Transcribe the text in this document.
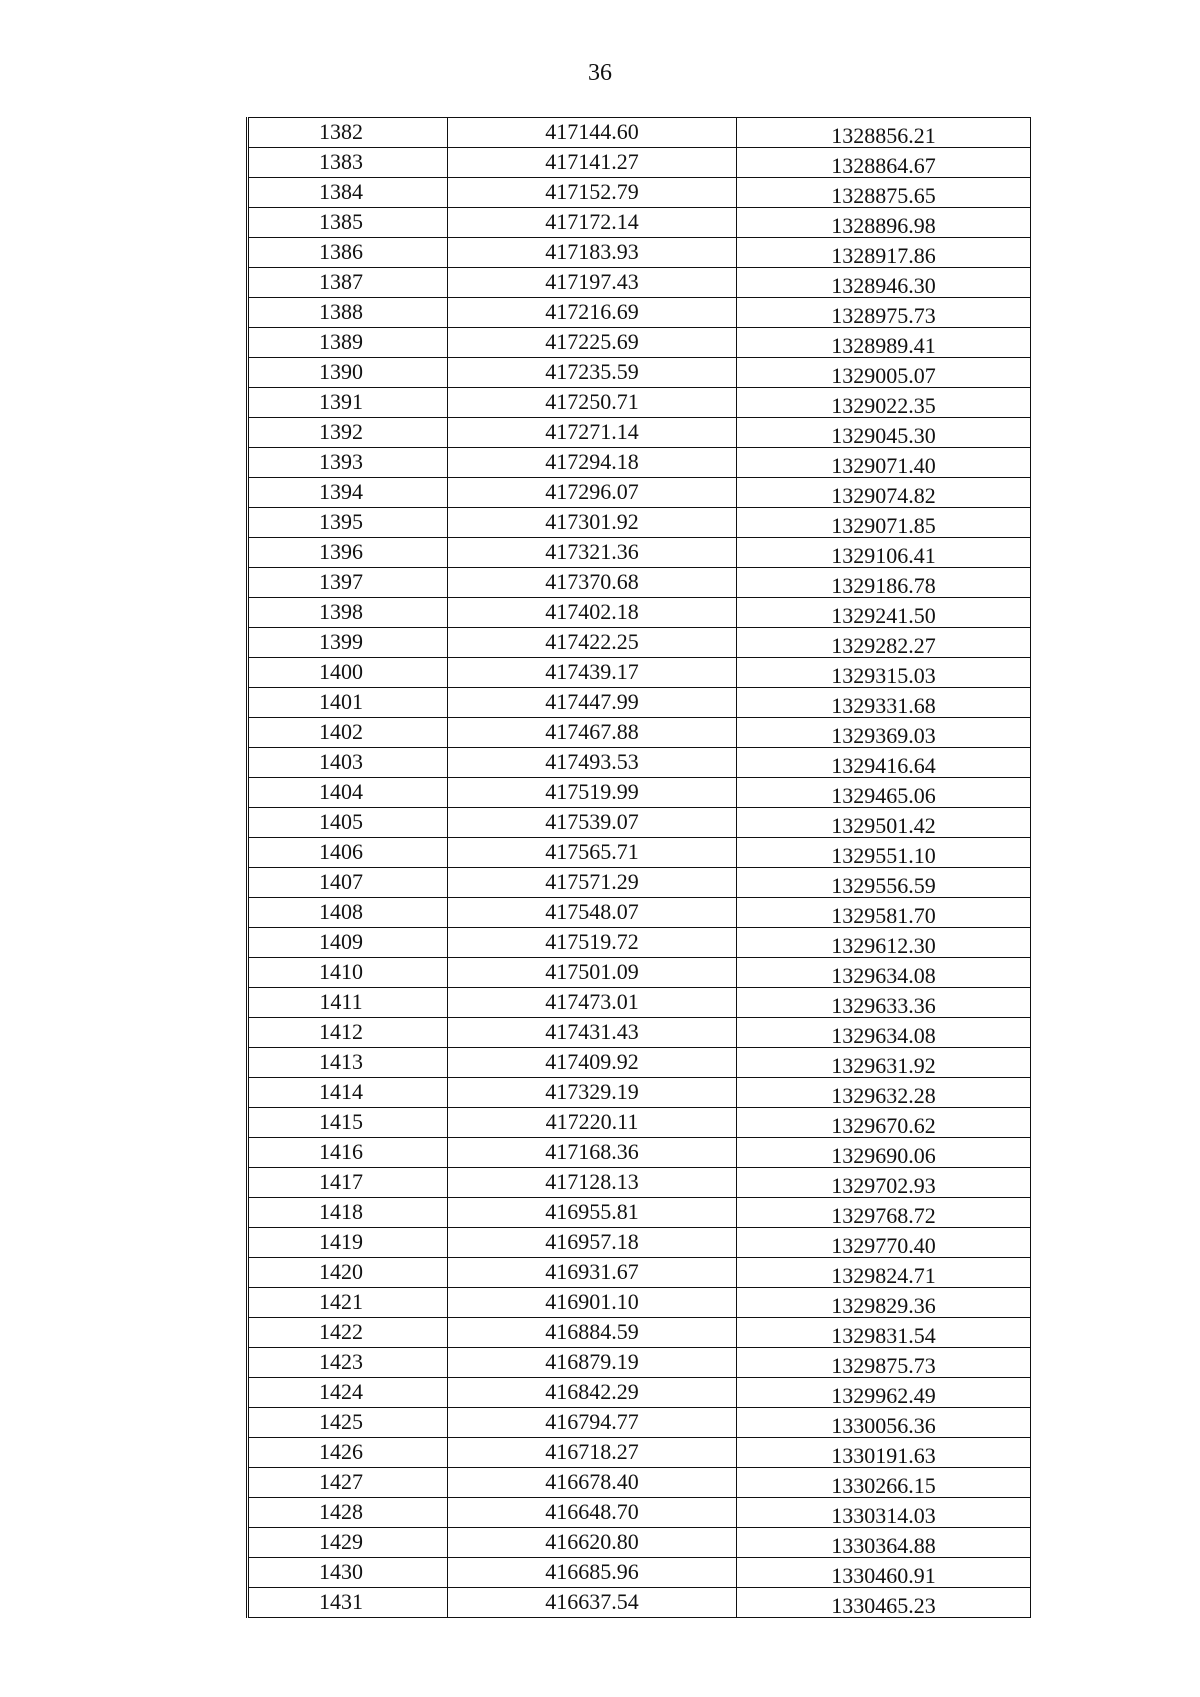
36
1382	417144.60	1328856.21
1383	417141.27	1328864.67
1384	417152.79	1328875.65
1385	417172.14	1328896.98
1386	417183.93	1328917.86
1387	417197.43	1328946.30
1388	417216.69	1328975.73
1389	417225.69	1328989.41
1390	417235.59	1329005.07
1391	417250.71	1329022.35
1392	417271.14	1329045.30
1393	417294.18	1329071.40
1394	417296.07	1329074.82
1395	417301.92	1329071.85
1396	417321.36	1329106.41
1397	417370.68	1329186.78
1398	417402.18	1329241.50
1399	417422.25	1329282.27
1400	417439.17	1329315.03
1401	417447.99	1329331.68
1402	417467.88	1329369.03
1403	417493.53	1329416.64
1404	417519.99	1329465.06
1405	417539.07	1329501.42
1406	417565.71	1329551.10
1407	417571.29	1329556.59
1408	417548.07	1329581.70
1409	417519.72	1329612.30
1410	417501.09	1329634.08
1411	417473.01	1329633.36
1412	417431.43	1329634.08
1413	417409.92	1329631.92
1414	417329.19	1329632.28
1415	417220.11	1329670.62
1416	417168.36	1329690.06
1417	417128.13	1329702.93
1418	416955.81	1329768.72
1419	416957.18	1329770.40
1420	416931.67	1329824.71
1421	416901.10	1329829.36
1422	416884.59	1329831.54
1423	416879.19	1329875.73
1424	416842.29	1329962.49
1425	416794.77	1330056.36
1426	416718.27	1330191.63
1427	416678.40	1330266.15
1428	416648.70	1330314.03
1429	416620.80	1330364.88
1430	416685.96	1330460.91
1431	416637.54	1330465.23
